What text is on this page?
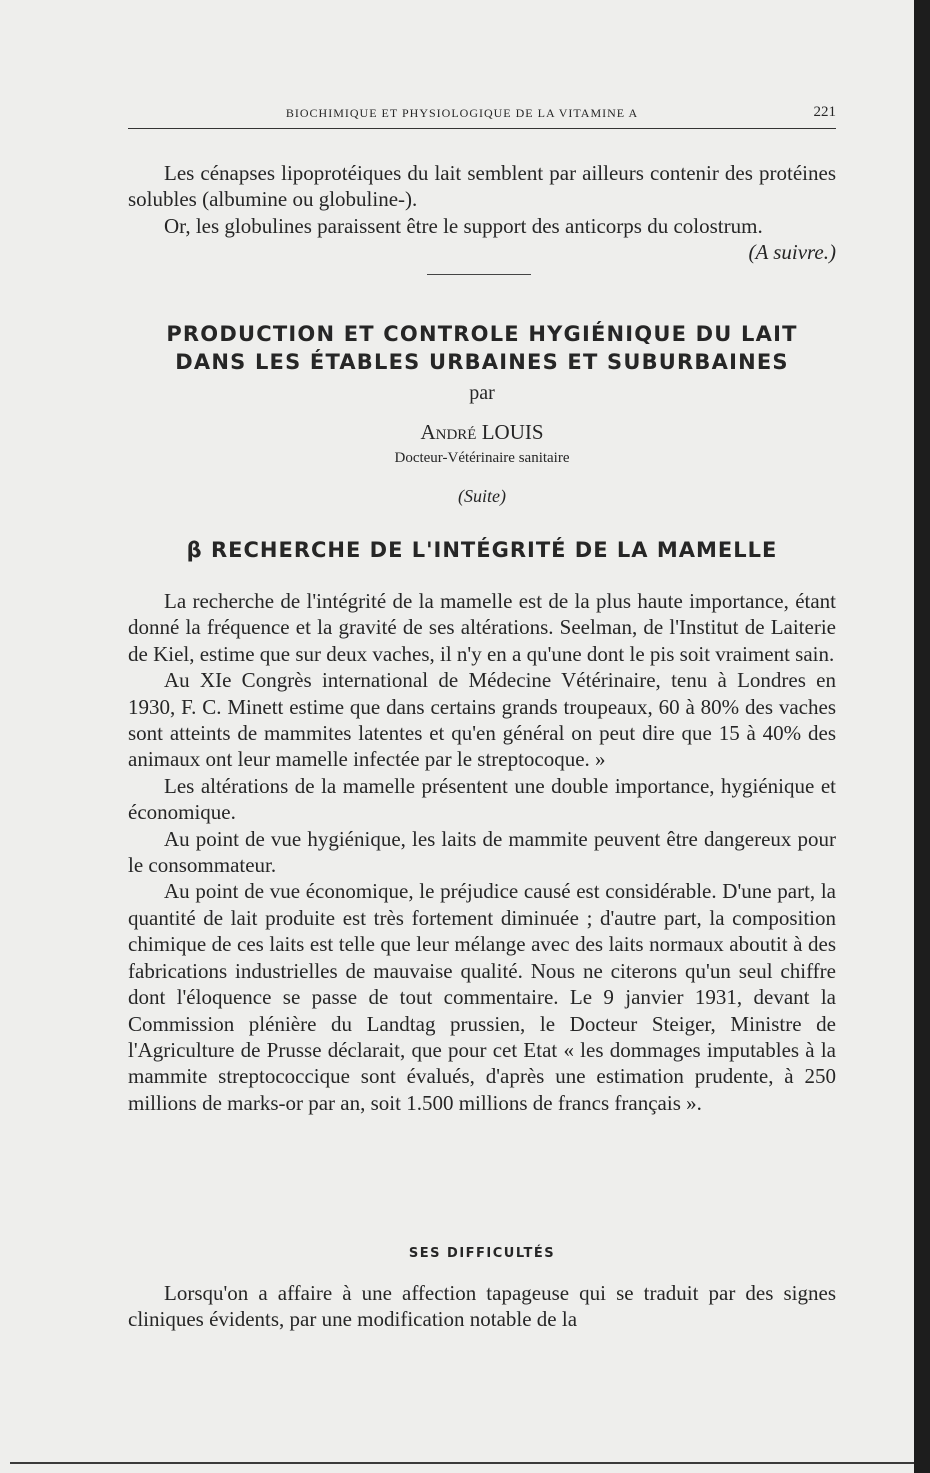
BIOCHIMIQUE ET PHYSIOLOGIQUE DE LA VITAMINE A	221

Les cénapses lipoprotéiques du lait semblent par ailleurs contenir des protéines solubles (albumine ou globuline-).

Or, les globulines paraissent être le support des anticorps du colostrum.
(A suivre.)

PRODUCTION ET CONTROLE HYGIÉNIQUE DU LAIT
DANS LES ÉTABLES URBAINES ET SUBURBAINES
par
André LOUIS
Docteur-Vétérinaire sanitaire
(Suite)
β RECHERCHE DE L'INTÉGRITÉ DE LA MAMELLE

La recherche de l'intégrité de la mamelle est de la plus haute importance, étant donné la fréquence et la gravité de ses altérations. Seelman, de l'Institut de Laiterie de Kiel, estime que sur deux vaches, il n'y en a qu'une dont le pis soit vraiment sain.

Au XIe Congrès international de Médecine Vétérinaire, tenu à Londres en 1930, F. C. Minett estime que dans certains grands troupeaux, 60 à 80% des vaches sont atteints de mammites latentes et qu'en général on peut dire que 15 à 40% des animaux ont leur mamelle infectée par le streptocoque. »

Les altérations de la mamelle présentent une double importance, hygiénique et économique.

Au point de vue hygiénique, les laits de mammite peuvent être dangereux pour le consommateur.

Au point de vue économique, le préjudice causé est considérable. D'une part, la quantité de lait produite est très fortement diminuée ; d'autre part, la composition chimique de ces laits est telle que leur mélange avec des laits normaux aboutit à des fabrications industrielles de mauvaise qualité. Nous ne citerons qu'un seul chiffre dont l'éloquence se passe de tout commentaire. Le 9 janvier 1931, devant la Commission plénière du Landtag prussien, le Docteur Steiger, Ministre de l'Agriculture de Prusse déclarait, que pour cet Etat « les dommages imputables à la mammite streptococcique sont évalués, d'après une estimation prudente, à 250 millions de marks-or par an, soit 1.500 millions de francs français ».

SES DIFFICULTÉS

Lorsqu'on a affaire à une affection tapageuse qui se traduit par des signes cliniques évidents, par une modification notable de la
